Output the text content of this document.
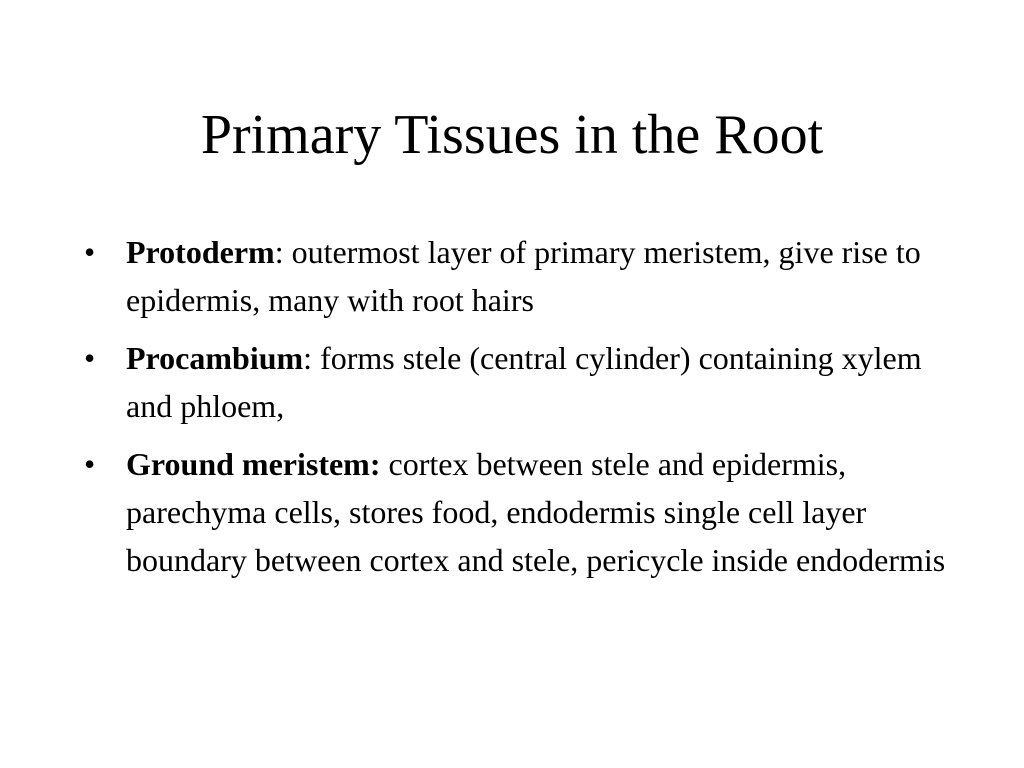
Primary Tissues in the Root
• Protoderm: outermost layer of primary meristem, give rise to epidermis, many with root hairs
• Procambium: forms stele (central cylinder) containing xylem and phloem,
• Ground meristem: cortex between stele and epidermis, parechyma cells, stores food, endodermis single cell layer boundary between cortex and stele, pericycle inside endodermis
